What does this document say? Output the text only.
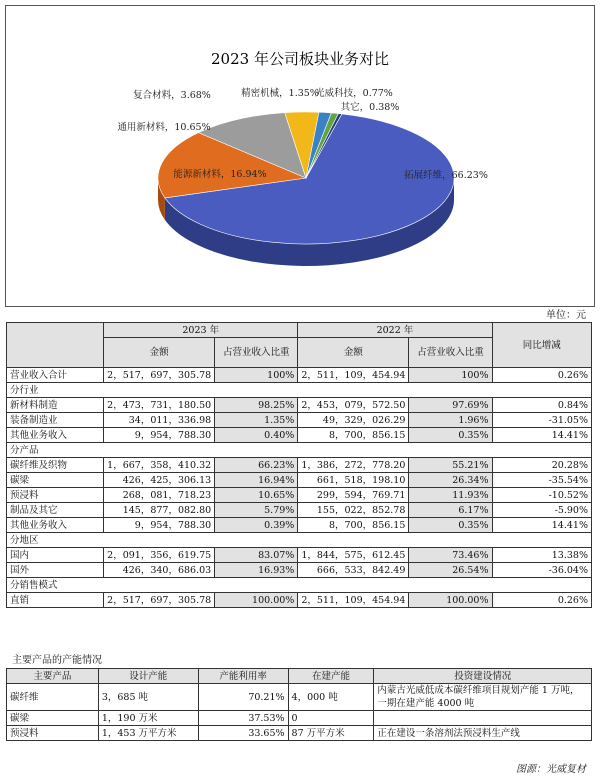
2023 年公司板块业务对比
拓展纤维，66.23%
能源新材料，16.94%
通用新材料，10.65%
复合材料，3.68%	精密机械，1.35%
光威科技，0.77%
其它，0.38%
单位：元
	2023 年		2022 年		同比增减
	金额	占营业收入比重	金额	占营业收入比重	
营业收入合计	2，517，697，305.78	100%	2，511，109，454.94	100%	0.26%
分行业					
新材料制造	2，473，731，180.50	98.25%	2，453，079，572.50	97.69%	0.84%
装备制造业	34，011，336.98	1.35%	49，329，026.29	1.96%	-31.05%
其他业务收入	9，954，788.30	0.40%	8，700，856.15	0.35%	14.41%
分产品					
碳纤维及织物	1，667，358，410.32	66.23%	1，386，272，778.20	55.21%	20.28%
碳梁	426，425，306.13	16.94%	661，518，198.10	26.34%	-35.54%
预浸料	268，081，718.23	10.65%	299，594，769.71	11.93%	-10.52%
制品及其它	145，877，082.80	5.79%	155，022，852.78	6.17%	-5.90%
其他业务收入	9，954，788.30	0.39%	8，700，856.15	0.35%	14.41%
分地区					
国内	2，091，356，619.75	83.07%	1，844，575，612.45	73.46%	13.38%
国外	426，340，686.03	16.93%	666，533，842.49	26.54%	-36.04%
分销售模式					
直销	2，517，697，305.78	100.00%	2，511，109，454.94	100.00%	0.26%
主要产品的产能情况
主要产品	设计产能	产能利用率	在建产能	投资建设情况
碳纤维	3，685 吨	70.21%	4，000 吨	内蒙古光威低成本碳纤维项目规划产能 1 万吨，一期在建产能 4000 吨
碳梁	1，190 万米	37.53%	0	
预浸料	1，453 万平方米	33.65%	87 万平方米	正在建设一条溶剂法预浸料生产线
图源：光威复材
